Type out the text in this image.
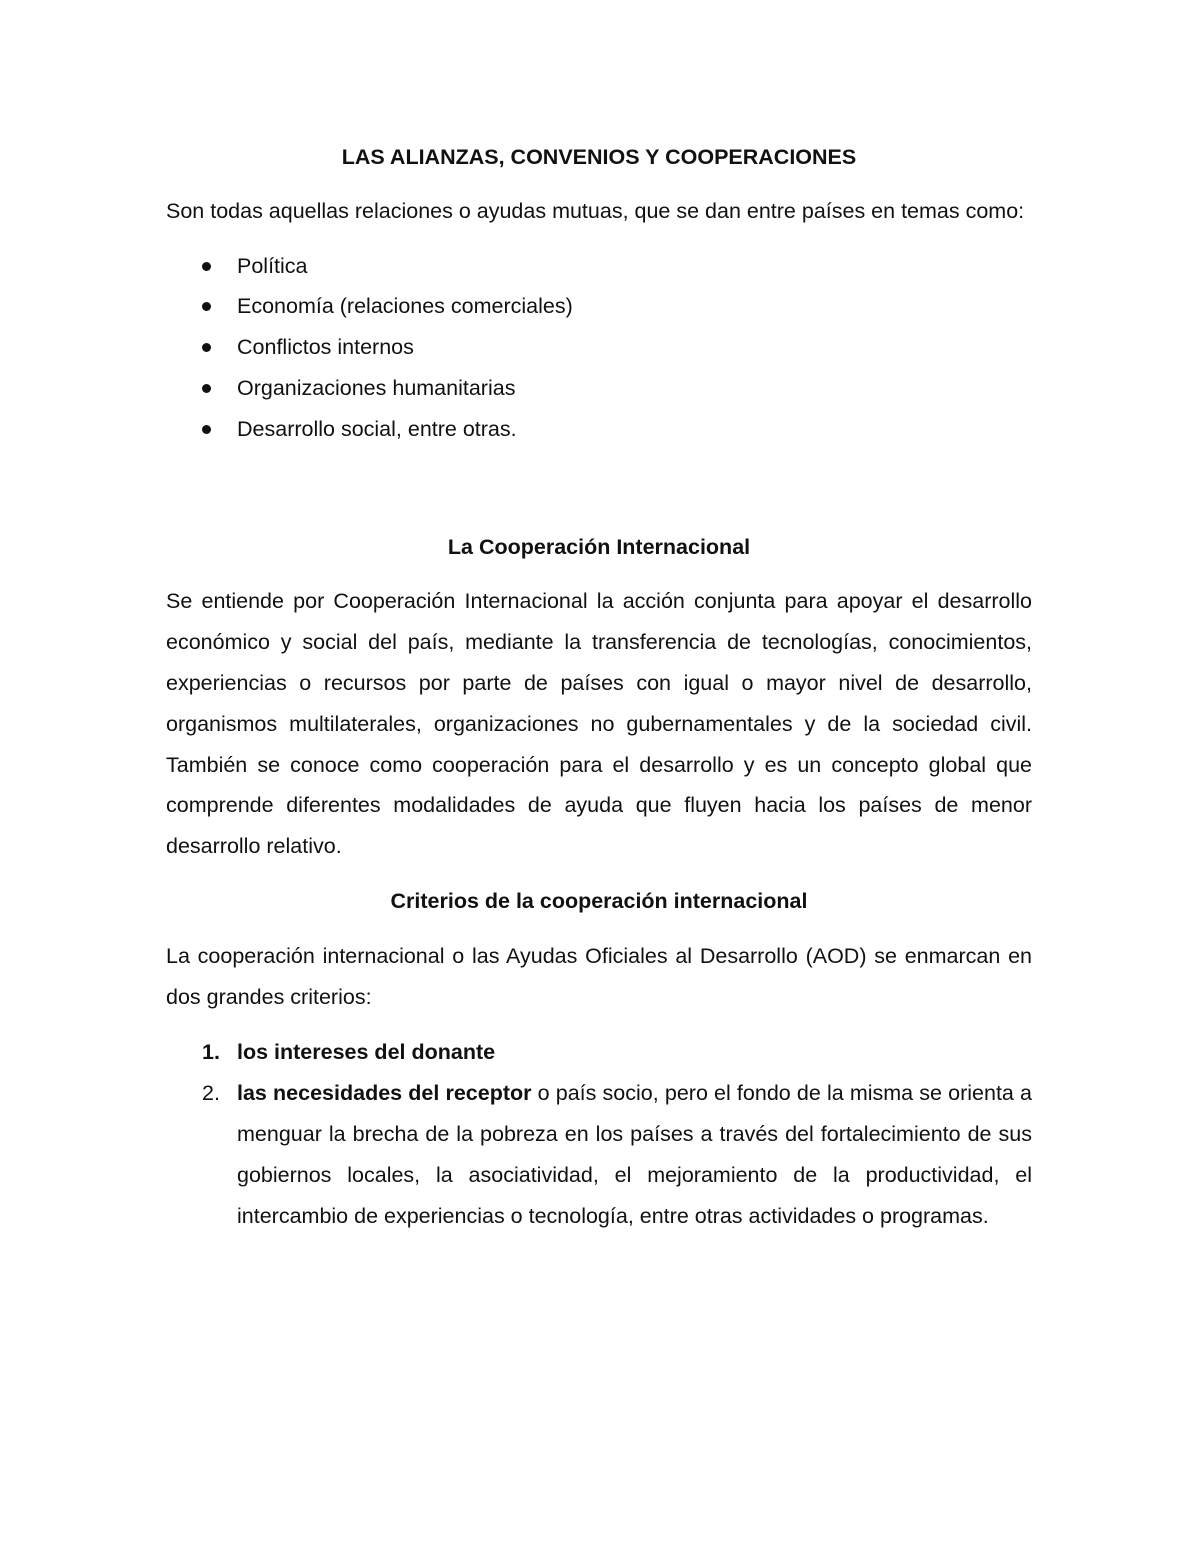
LAS ALIANZAS, CONVENIOS Y COOPERACIONES

Son todas aquellas relaciones o ayudas mutuas, que se dan entre países en temas como:

Política
Economía (relaciones comerciales)
Conflictos internos
Organizaciones humanitarias
Desarrollo social, entre otras.

La Cooperación Internacional

Se entiende por Cooperación Internacional la acción conjunta para apoyar el desarrollo económico y social del país, mediante la transferencia de tecnologías, conocimientos, experiencias o recursos por parte de países con igual o mayor nivel de desarrollo, organismos multilaterales, organizaciones no gubernamentales y de la sociedad civil. También se conoce como cooperación para el desarrollo y es un concepto global que comprende diferentes modalidades de ayuda que fluyen hacia los países de menor desarrollo relativo.

Criterios de la cooperación internacional

La cooperación internacional o las Ayudas Oficiales al Desarrollo (AOD) se enmarcan en dos grandes criterios:

1. los intereses del donante
2. las necesidades del receptor o país socio, pero el fondo de la misma se orienta a menguar la brecha de la pobreza en los países a través del fortalecimiento de sus gobiernos locales, la asociatividad, el mejoramiento de la productividad, el intercambio de experiencias o tecnología, entre otras actividades o programas.
